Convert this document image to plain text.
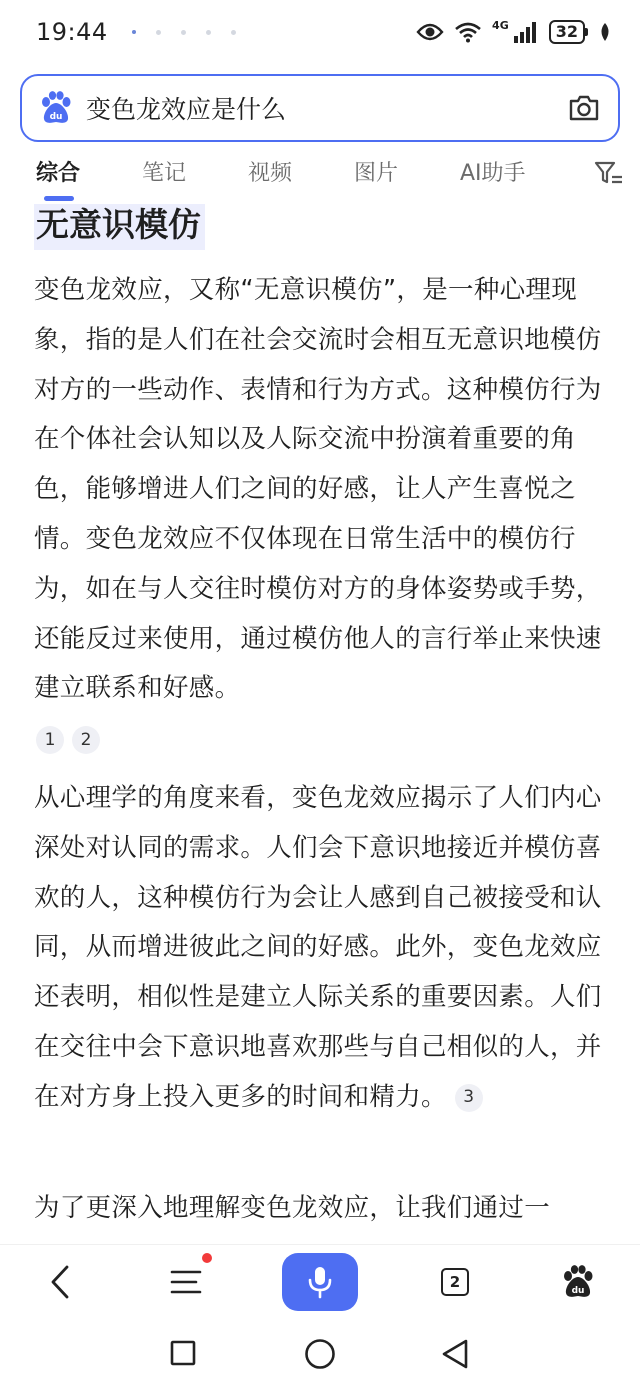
19:44	4G	32
du 变色龙效应是什么
综合	笔记	视频	图片	AI助手
无意识模仿

变色龙效应，又称“无意识模仿”，是一种心理现象，指的是人们在社会交流时会相互无意识地模仿对方的一些动作、表情和行为方式。这种模仿行为在个体社会认知以及人际交流中扮演着重要的角色，能够增进人们之间的好感，让人产生喜悦之情。变色龙效应不仅体现在日常生活中的模仿行为，如在与人交往时模仿对方的身体姿势或手势，还能反过来使用，通过模仿他人的言行举止来快速建立联系和好感。

1	2

从心理学的角度来看，变色龙效应揭示了人们内心深处对认同的需求。人们会下意识地接近并模仿喜欢的人，这种模仿行为会让人感到自己被接受和认同，从而增进彼此之间的好感。此外，变色龙效应还表明，相似性是建立人际关系的重要因素。人们在交往中会下意识地喜欢那些与自己相似的人，并在对方身上投入更多的时间和精力。 3

为了更深入地理解变色龙效应，让我们通过一

2	du
